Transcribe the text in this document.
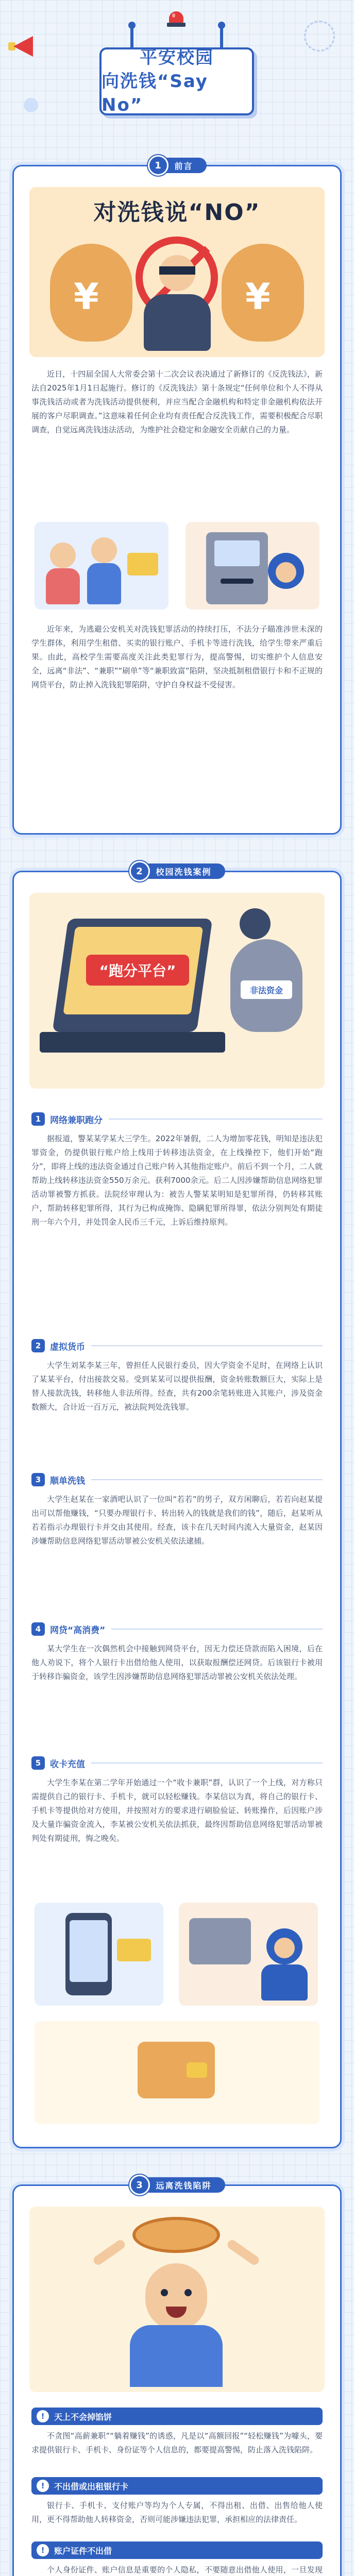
平安校园
向洗钱“Say No”
1	前言
对洗钱说“NO”
¥	¥

近日，十四届全国人大常委会第十二次会议表决通过了新修订的《反洗钱法》，新法自2025年1月1日起施行。修订的《反洗钱法》第十条规定“任何单位和个人不得从事洗钱活动或者为洗钱活动提供便利，并应当配合金融机构和特定非金融机构依法开展的客户尽职调查。”这意味着任何企业均有责任配合反洗钱工作，需要积极配合尽职调查，自觉远离洗钱违法活动，为维护社会稳定和金融安全贡献自己的力量。

近年来，为逃避公安机关对洗钱犯罪活动的持续打压，不法分子瞄准涉世未深的学生群体，利用学生租借、买卖的银行账户、手机卡等进行洗钱，给学生带来严重后果。由此，高校学生需要高度关注此类犯罪行为，提高警惕，切实维护个人信息安全，远离“非法”、“兼职”“刷单”等“兼职致富”陷阱，坚决抵制租借银行卡和不正规的网贷平台，防止掉入洗钱犯罪陷阱，守护自身权益不受侵害。

2	校园洗钱案例
“跑分平台”
非法资金
1	网络兼职跑分

据报道，警某某学某大三学生。2022年暑假，二人为增加零花钱，明知是违法犯罪资金，仍提供银行账户给上线用于转移违法资金，在上线操控下，他们开始“跑分”，即将上线的违法资金通过自己账户转入其他指定账户。前后不到一个月，二人就帮助上线转移违法资金550万余元。获利7000余元。后二人因涉嫌帮助信息网络犯罪活动罪被警方抓获。法院经审理认为：被告人警某某明知是犯罪所得，仍转移其账户，帮助转移犯罪所得，其行为已构成掩饰、隐瞒犯罪所得罪，依法分别判处有期徒刑一年六个月，并处罚金人民币三千元，上诉后维持原判。

2	虚拟货币

大学生刘某李某三年，曾担任人民银行委员，因大学资金不足时，在网络上认识了某某平台，付出接款交易。受到某某可以提供报酬，资金转账数额巨大，实际上是替人接款洗钱，转移他人非法所得。经查，共有200余笔转账进入其账户，涉及资金数额大，合计近一百万元，被法院判处洗钱罪。

3	顺单洗钱

大学生赵某在一家酒吧认识了一位叫“若若”的男子，双方闲聊后，若若向赵某提出可以帮他赚钱，“只要办理银行卡、转出转入的钱就是我们的钱”，随后，赵某听从若若指示办理银行卡并交由其使用。经查，该卡在几天时间内流入大量资金，赵某因涉嫌帮助信息网络犯罪活动罪被公安机关依法逮捕。

4	网贷“高消费”

某大学生在一次偶然机会中接触到网贷平台，因无力偿还贷款而陷入困境，后在他人劝说下，将个人银行卡出借给他人使用，以获取报酬偿还网贷。后该银行卡被用于转移诈骗资金，该学生因涉嫌帮助信息网络犯罪活动罪被公安机关依法处理。

5	收卡充值

大学生李某在第二学年开始通过一个“收卡兼职”群，认识了一个上线，对方称只需提供自己的银行卡、手机卡，就可以轻松赚钱。李某信以为真，将自己的银行卡、手机卡等提供给对方使用，并按照对方的要求进行刷脸验证、转账操作，后因账户涉及大量诈骗资金流入，李某被公安机关依法抓获，最终因帮助信息网络犯罪活动罪被判处有期徒刑，悔之晚矣。

3	远离洗钱陷阱
!	天上不会掉馅饼

不贪图“高薪兼职”“躺着赚钱”的诱惑，凡是以“高额回报”“轻松赚钱”为噱头，要求提供银行卡、手机卡、身份证等个人信息的，都要提高警惕，防止落入洗钱陷阱。

!	不出借或出租银行卡

银行卡、手机卡、支付账户等均为个人专属，不得出租、出借、出售给他人使用，更不得帮助他人转移资金，否则可能涉嫌违法犯罪，承担相应的法律责任。

!	账户证件不出借

个人身份证件、账户信息是重要的个人隐私，不要随意出借他人使用，一旦发现
